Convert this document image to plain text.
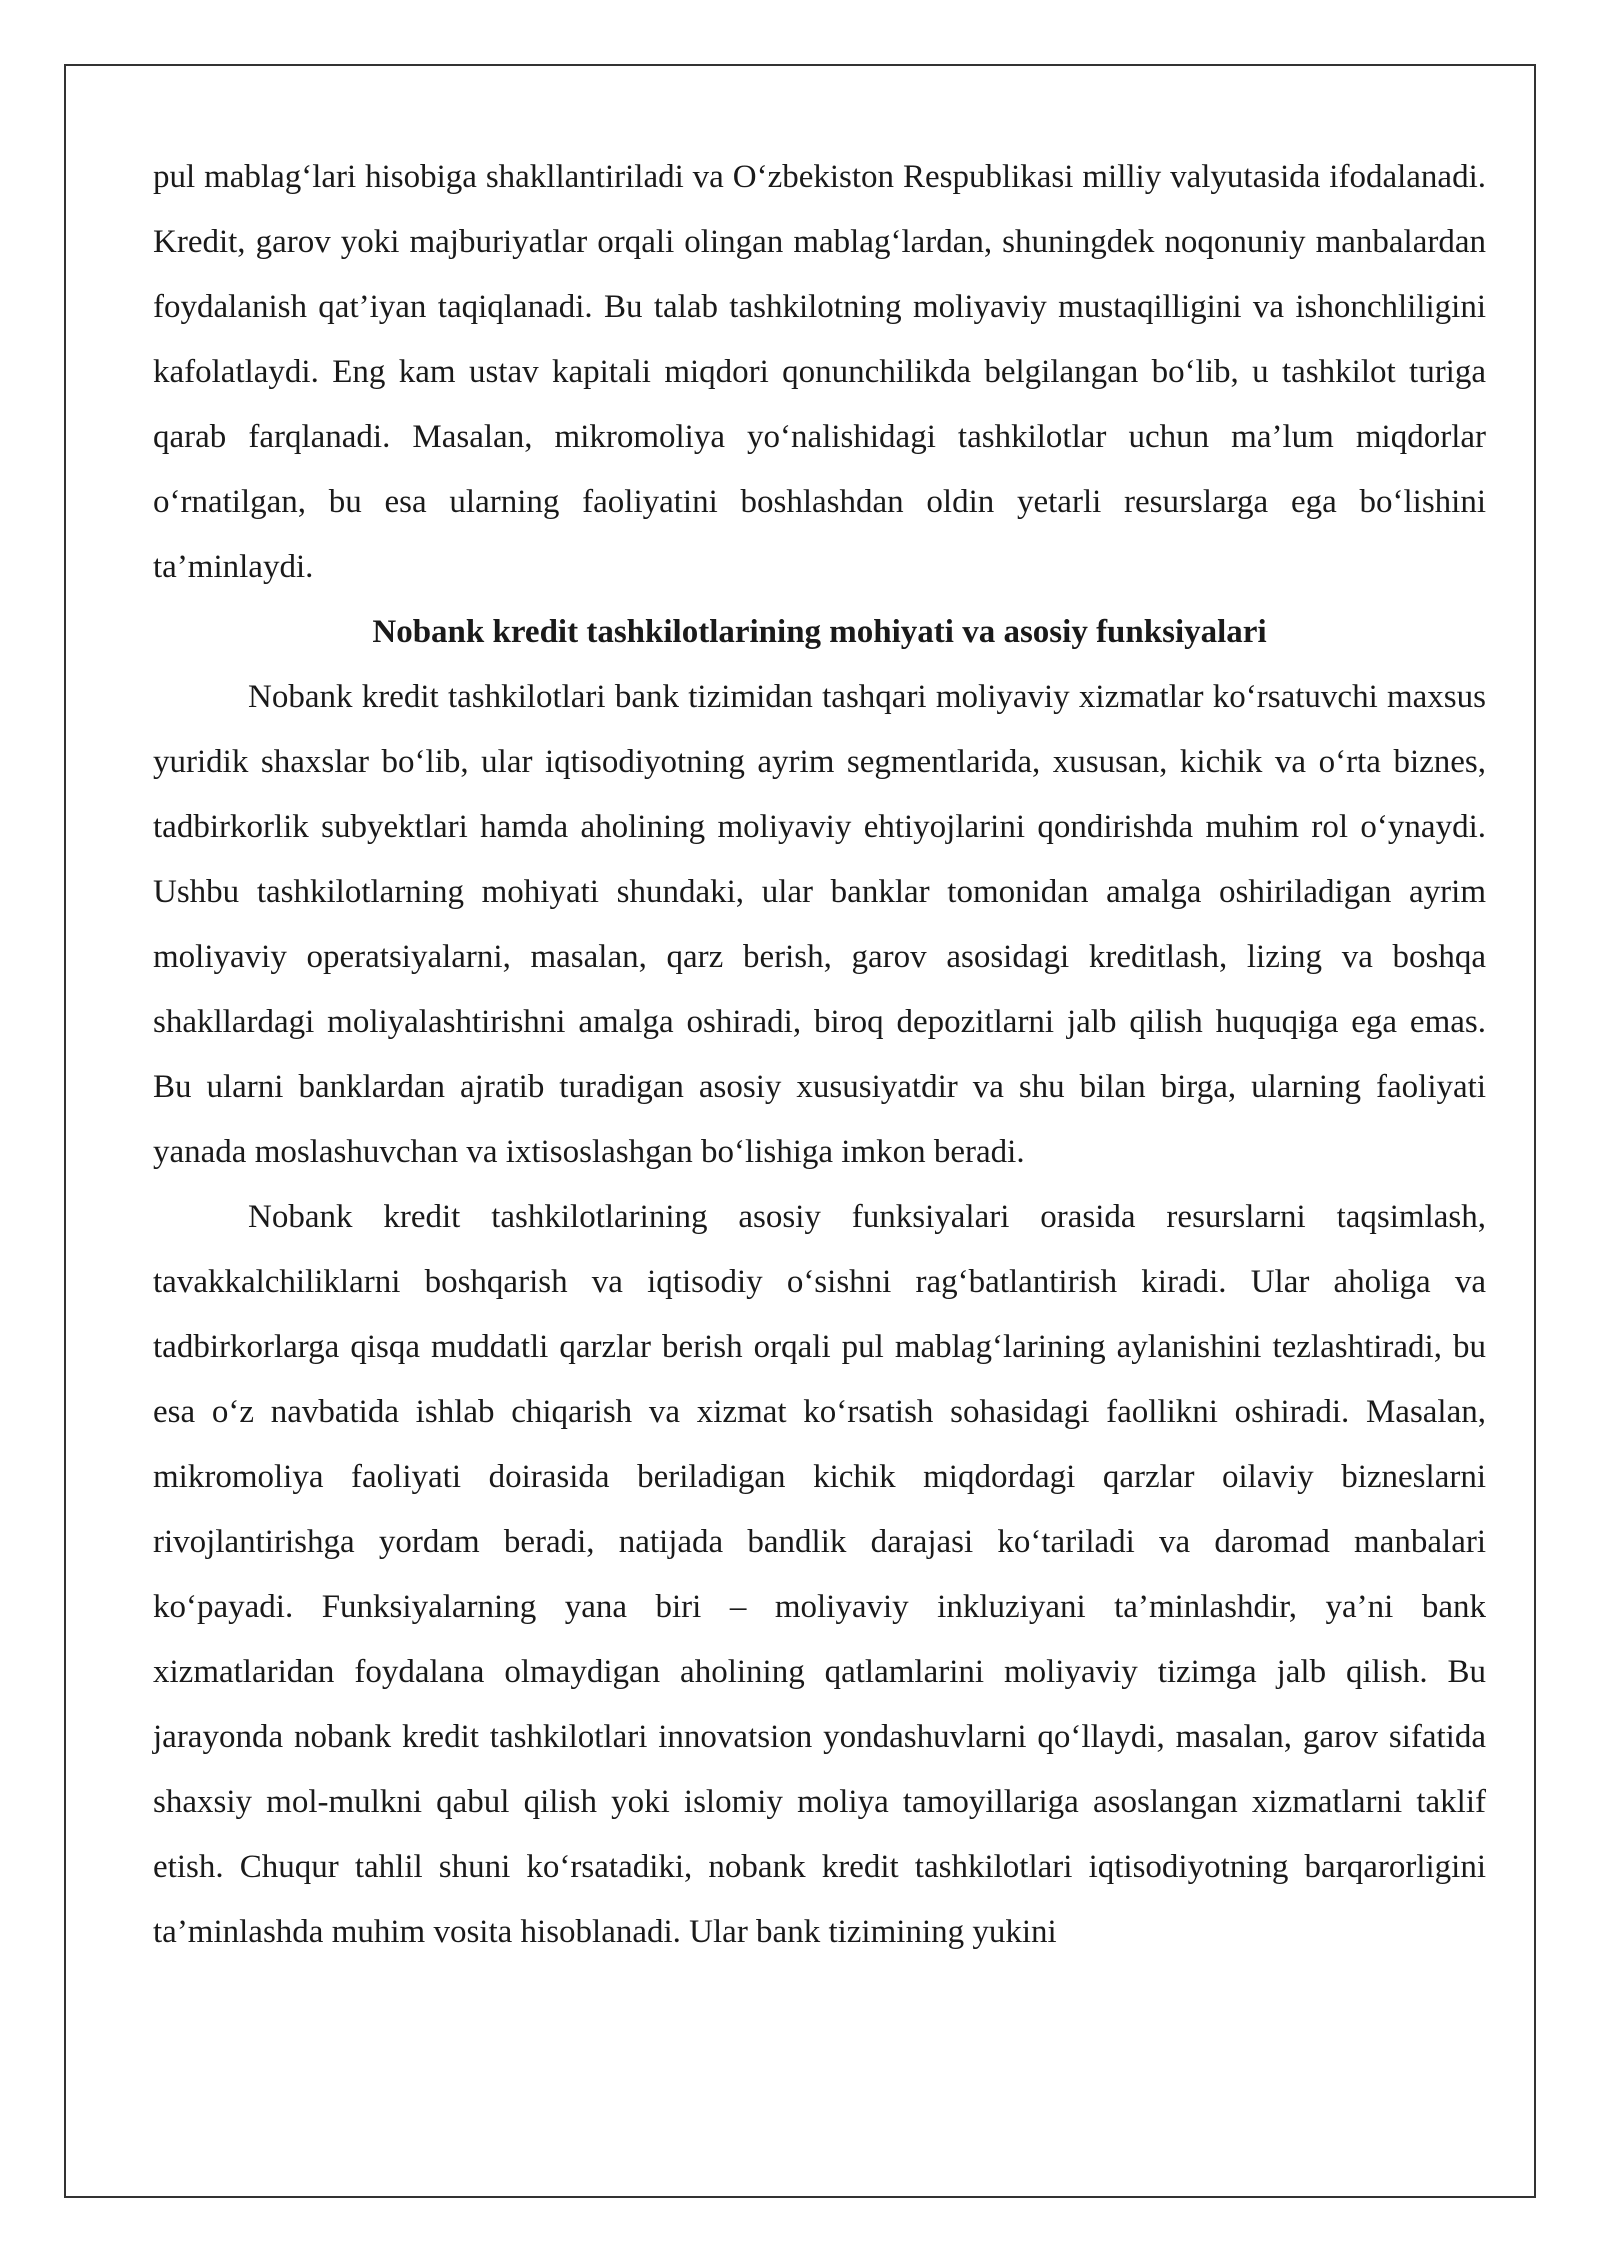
pul mablag‘lari hisobiga shakllantiriladi va O‘zbekiston Respublikasi milliy valyutasida ifodalanadi. Kredit, garov yoki majburiyatlar orqali olingan mablag‘lardan, shuningdek noqonuniy manbalardan foydalanish qat’iyan taqiqlanadi. Bu talab tashkilotning moliyaviy mustaqilligini va ishonchliligini kafolatlaydi. Eng kam ustav kapitali miqdori qonunchilikda belgilangan bo‘lib, u tashkilot turiga qarab farqlanadi. Masalan, mikromoliya yo‘nalishidagi tashkilotlar uchun ma’lum miqdorlar o‘rnatilgan, bu esa ularning faoliyatini boshlashdan oldin yetarli resurslarga ega bo‘lishini ta’minlaydi.

Nobank kredit tashkilotlarining mohiyati va asosiy funksiyalari

Nobank kredit tashkilotlari bank tizimidan tashqari moliyaviy xizmatlar ko‘rsatuvchi maxsus yuridik shaxslar bo‘lib, ular iqtisodiyotning ayrim segmentlarida, xususan, kichik va o‘rta biznes, tadbirkorlik subyektlari hamda aholining moliyaviy ehtiyojlarini qondirishda muhim rol o‘ynaydi. Ushbu tashkilotlarning mohiyati shundaki, ular banklar tomonidan amalga oshiriladigan ayrim moliyaviy operatsiyalarni, masalan, qarz berish, garov asosidagi kreditlash, lizing va boshqa shakllardagi moliyalashtirishni amalga oshiradi, biroq depozitlarni jalb qilish huquqiga ega emas. Bu ularni banklardan ajratib turadigan asosiy xususiyatdir va shu bilan birga, ularning faoliyati yanada moslashuvchan va ixtisoslashgan bo‘lishiga imkon beradi.

Nobank kredit tashkilotlarining asosiy funksiyalari orasida resurslarni taqsimlash, tavakkalchiliklarni boshqarish va iqtisodiy o‘sishni rag‘batlantirish kiradi. Ular aholiga va tadbirkorlarga qisqa muddatli qarzlar berish orqali pul mablag‘larining aylanishini tezlashtiradi, bu esa o‘z navbatida ishlab chiqarish va xizmat ko‘rsatish sohasidagi faollikni oshiradi. Masalan, mikromoliya faoliyati doirasida beriladigan kichik miqdordagi qarzlar oilaviy bizneslarni rivojlantirishga yordam beradi, natijada bandlik darajasi ko‘tariladi va daromad manbalari ko‘payadi. Funksiyalarning yana biri – moliyaviy inkluziyani ta’minlashdir, ya’ni bank xizmatlaridan foydalana olmaydigan aholining qatlamlarini moliyaviy tizimga jalb qilish. Bu jarayonda nobank kredit tashkilotlari innovatsion yondashuvlarni qo‘llaydi, masalan, garov sifatida shaxsiy mol-mulkni qabul qilish yoki islomiy moliya tamoyillariga asoslangan xizmatlarni taklif etish. Chuqur tahlil shuni ko‘rsatadiki, nobank kredit tashkilotlari iqtisodiyotning barqarorligini ta’minlashda muhim vosita hisoblanadi. Ular bank tizimining yukini
